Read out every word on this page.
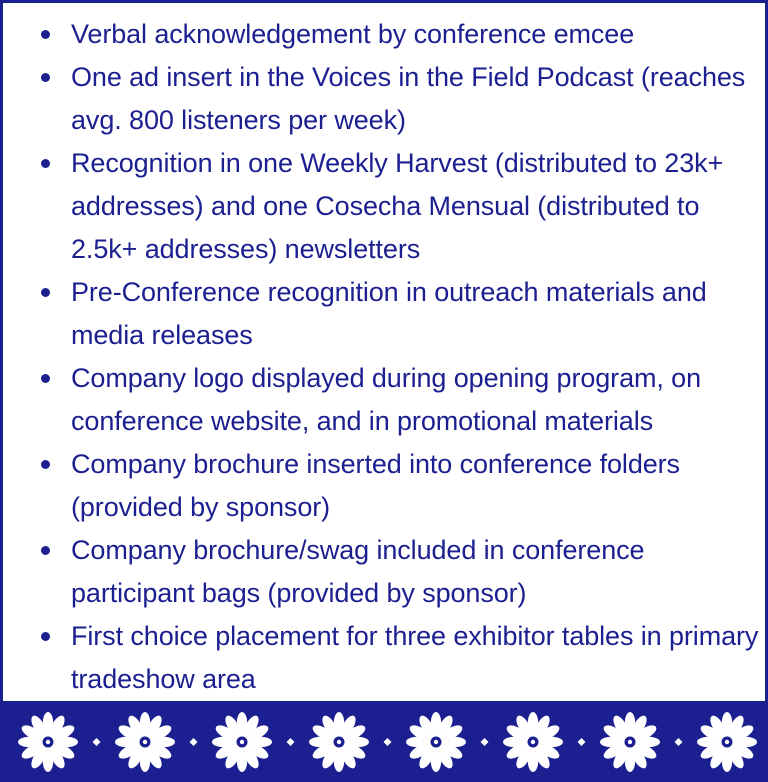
Verbal acknowledgement by conference emcee
One ad insert in the Voices in the Field Podcast (reaches avg. 800 listeners per week)
Recognition in one Weekly Harvest (distributed to 23k+ addresses) and one Cosecha Mensual (distributed to 2.5k+ addresses) newsletters
Pre-Conference recognition in outreach materials and media releases
Company logo displayed during opening program, on conference website, and in promotional materials
Company brochure inserted into conference folders (provided by sponsor)
Company brochure/swag included in conference participant bags (provided by sponsor)
First choice placement for three exhibitor tables in primary tradeshow area
